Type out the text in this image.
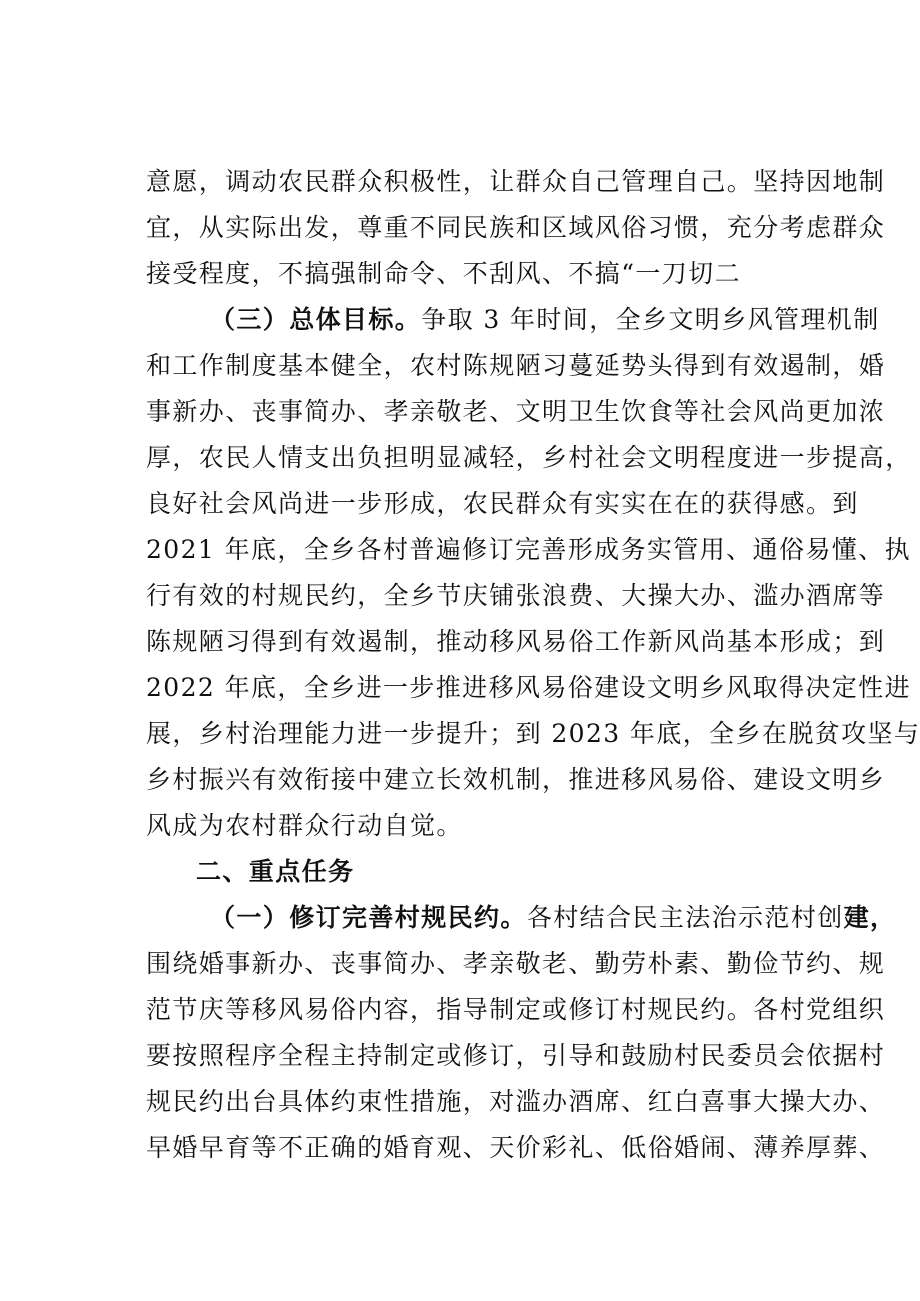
意愿，调动农民群众积极性，让群众自己管理自己。坚持因地制
宜，从实际出发，尊重不同民族和区域风俗习惯，充分考虑群众
接受程度，不搞强制命令、不刮风、不搞“一刀切二
（三）总体目标。争取 3 年时间，全乡文明乡风管理机制
和工作制度基本健全，农村陈规陋习蔓延势头得到有效遏制，婚
事新办、丧事简办、孝亲敬老、文明卫生饮食等社会风尚更加浓
厚，农民人情支出负担明显减轻，乡村社会文明程度进一步提高，
良好社会风尚进一步形成，农民群众有实实在在的获得感。到
2021 年底，全乡各村普遍修订完善形成务实管用、通俗易懂、执
行有效的村规民约，全乡节庆铺张浪费、大操大办、滥办酒席等
陈规陋习得到有效遏制，推动移风易俗工作新风尚基本形成；到
2022 年底，全乡进一步推进移风易俗建设文明乡风取得决定性进
展，乡村治理能力进一步提升；到 2023 年底，全乡在脱贫攻坚与
乡村振兴有效衔接中建立长效机制，推进移风易俗、建设文明乡
风成为农村群众行动自觉。
二、重点任务
（一）修订完善村规民约。各村结合民主法治示范村创建，
围绕婚事新办、丧事简办、孝亲敬老、勤劳朴素、勤俭节约、规
范节庆等移风易俗内容，指导制定或修订村规民约。各村党组织
要按照程序全程主持制定或修订，引导和鼓励村民委员会依据村
规民约出台具体约束性措施，对滥办酒席、红白喜事大操大办、
早婚早育等不正确的婚育观、天价彩礼、低俗婚闹、薄养厚葬、
